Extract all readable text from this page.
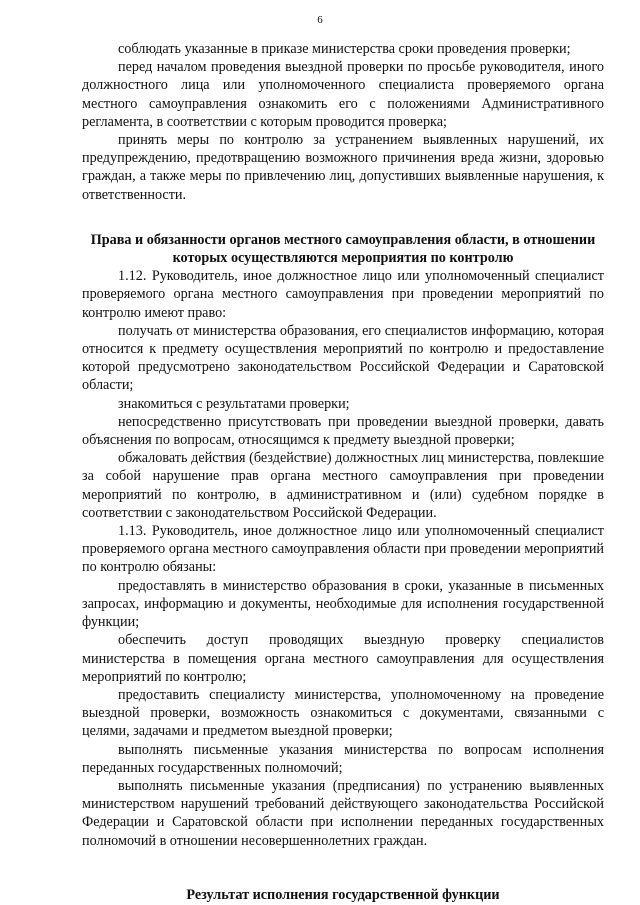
6

соблюдать указанные в приказе министерства сроки проведения проверки;

перед началом проведения выездной проверки по просьбе руководителя, иного должностного лица или уполномоченного специалиста проверяемого органа местного самоуправления ознакомить его с положениями Административного регламента, в соответствии с которым проводится проверка;

принять меры по контролю за устранением выявленных нарушений, их предупреждению, предотвращению возможного причинения вреда жизни, здоровью граждан, а также меры по привлечению лиц, допустивших выявленные нарушения, к ответственности.

Права и обязанности органов местного самоуправления области, в отношении которых осуществляются мероприятия по контролю

1.12. Руководитель, иное должностное лицо или уполномоченный специалист проверяемого органа местного самоуправления при проведении мероприятий по контролю имеют право:

получать от министерства образования, его специалистов информацию, которая относится к предмету осуществления мероприятий по контролю и предоставление которой предусмотрено законодательством Российской Федерации и Саратовской области;

знакомиться с результатами проверки;

непосредственно присутствовать при проведении выездной проверки, давать объяснения по вопросам, относящимся к предмету выездной проверки;

обжаловать действия (бездействие) должностных лиц министерства, повлекшие за собой нарушение прав органа местного самоуправления при проведении мероприятий по контролю, в административном и (или) судебном порядке в соответствии с законодательством Российской Федерации.

1.13. Руководитель, иное должностное лицо или уполномоченный специалист проверяемого органа местного самоуправления области при проведении мероприятий по контролю обязаны:

предоставлять в министерство образования в сроки, указанные в письменных запросах, информацию и документы, необходимые для исполнения государственной функции;

обеспечить доступ проводящих выездную проверку специалистов министерства в помещения органа местного самоуправления для осуществления мероприятий по контролю;

предоставить специалисту министерства, уполномоченному на проведение выездной проверки, возможность ознакомиться с документами, связанными с целями, задачами и предметом выездной проверки;

выполнять письменные указания министерства по вопросам исполнения переданных государственных полномочий;

выполнять письменные указания (предписания) по устранению выявленных министерством нарушений требований действующего законодательства Российской Федерации и Саратовской области при исполнении переданных государственных полномочий в отношении несовершеннолетних граждан.

Результат исполнения государственной функции
